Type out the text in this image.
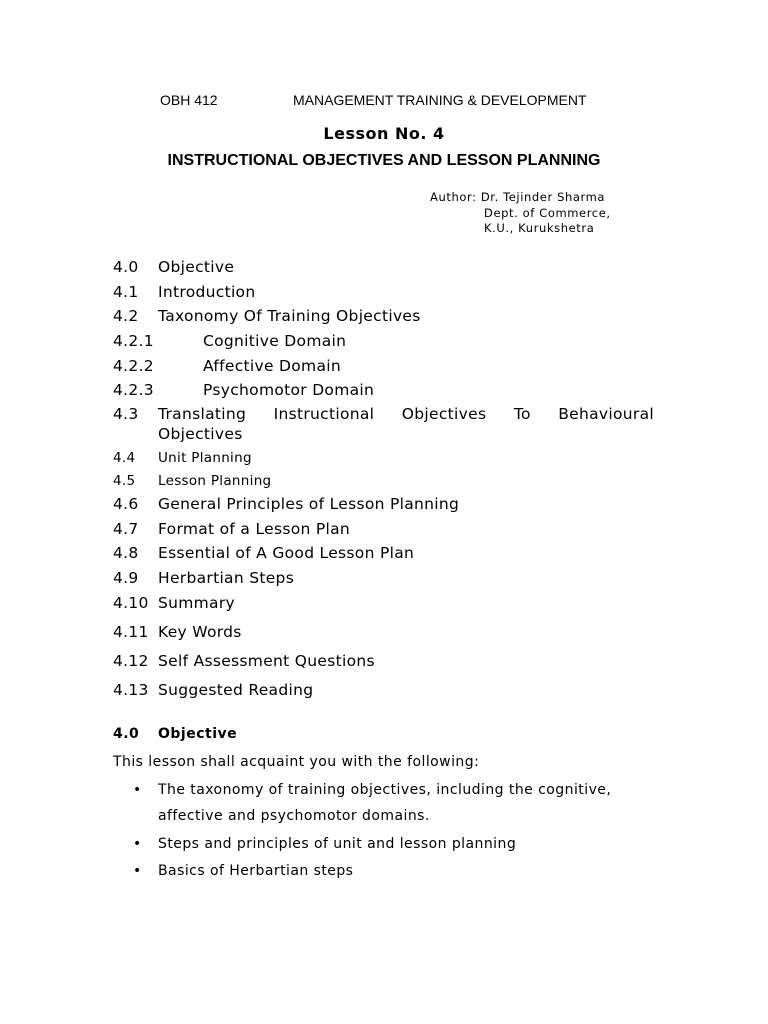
OBH 412	MANAGEMENT TRAINING & DEVELOPMENT
Lesson No. 4
INSTRUCTIONAL OBJECTIVES AND LESSON PLANNING
Author: Dr. Tejinder Sharma
Dept. of Commerce,
K.U., Kurukshetra
4.0 Objective
4.1 Introduction
4.2 Taxonomy Of Training Objectives
4.2.1	Cognitive Domain
4.2.2	Affective Domain
4.2.3	Psychomotor Domain
4.3 Translating Instructional Objectives To Behavioural
Objectives
4.4 Unit Planning
4.5 Lesson Planning
4.6 General Principles of Lesson Planning
4.7 Format of a Lesson Plan
4.8 Essential of A Good Lesson Plan
4.9 Herbartian Steps
4.10 Summary
4.11 Key Words
4.12 Self Assessment Questions
4.13 Suggested Reading
4.0 Objective
This lesson shall acquaint you with the following:
• The taxonomy of training objectives, including the cognitive,
affective and psychomotor domains.
• Steps and principles of unit and lesson planning
• Basics of Herbartian steps
